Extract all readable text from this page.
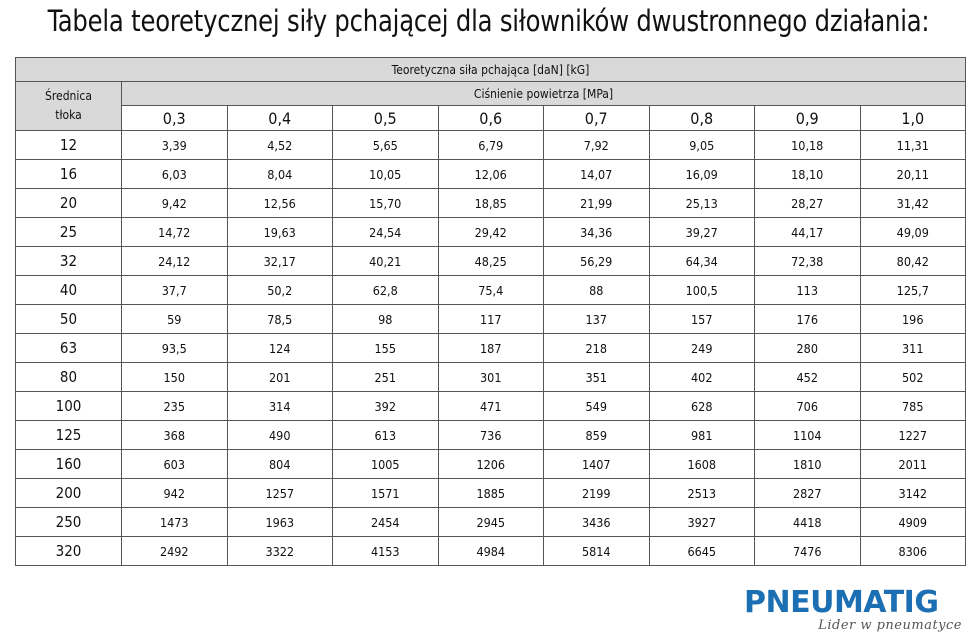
Tabela teoretycznej siły pchającej dla siłowników dwustronnego działania:
Teoretyczna siła pchająca [daN] [kG]								
Średnica
tłoka	Ciśnienie powietrza [MPa]							
	0,3	0,4	0,5	0,6	0,7	0,8	0,9	1,0
12	3,39	4,52	5,65	6,79	7,92	9,05	10,18	11,31
16	6,03	8,04	10,05	12,06	14,07	16,09	18,10	20,11
20	9,42	12,56	15,70	18,85	21,99	25,13	28,27	31,42
25	14,72	19,63	24,54	29,42	34,36	39,27	44,17	49,09
32	24,12	32,17	40,21	48,25	56,29	64,34	72,38	80,42
40	37,7	50,2	62,8	75,4	88	100,5	113	125,7
50	59	78,5	98	117	137	157	176	196
63	93,5	124	155	187	218	249	280	311
80	150	201	251	301	351	402	452	502
100	235	314	392	471	549	628	706	785
125	368	490	613	736	859	981	1104	1227
160	603	804	1005	1206	1407	1608	1810	2011
200	942	1257	1571	1885	2199	2513	2827	3142
250	1473	1963	2454	2945	3436	3927	4418	4909
320	2492	3322	4153	4984	5814	6645	7476	8306
PNEUMATIG
Lider w pneumatyce
